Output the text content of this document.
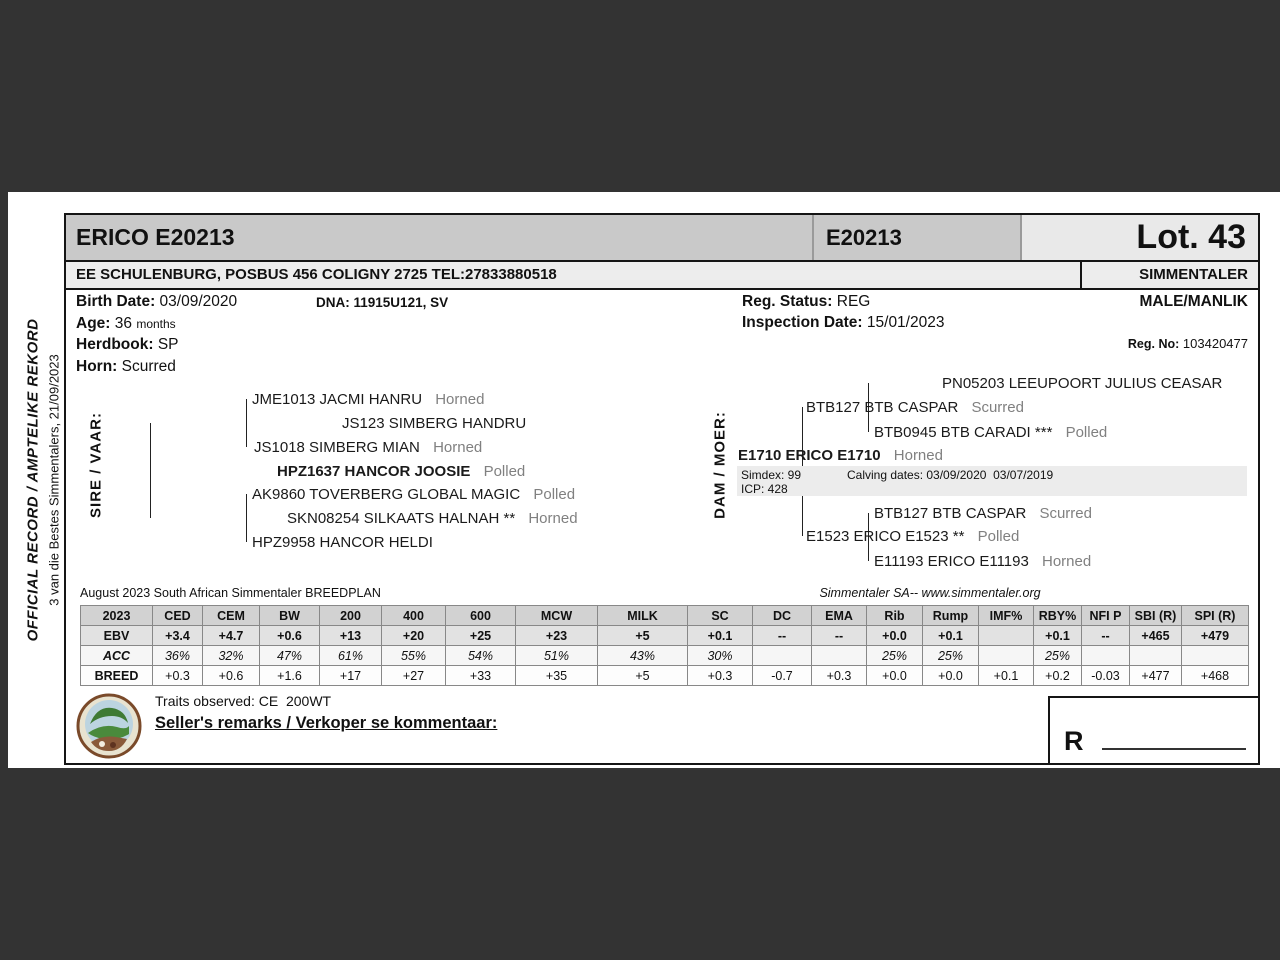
OFFICIAL RECORD / AMPTELIKE REKORD 3 van die Bestes Simmentalers, 21/09/2023
ERICO E20213	E20213	Lot. 43
EE SCHULENBURG, POSBUS 456 COLIGNY 2725 TEL:27833880518	SIMMENTALER
Birth Date: 03/09/2020	DNA: 11915U121, SV
Age: 36 months
Herdbook: SP
Horn: Scurred
Reg. Status: REG
Inspection Date: 15/01/2023
MALE/MANLIK
Reg. No: 103420477
SIRE / VAAR:	DAM / MOER:
JME1013 JACMI HANRU Horned
JS123 SIMBERG HANDRU
JS1018 SIMBERG MIAN Horned
HPZ1637 HANCOR JOOSIE Polled
AK9860 TOVERBERG GLOBAL MAGIC Polled
SKN08254 SILKAATS HALNAH ** Horned
HPZ9958 HANCOR HELDI
PN05203 LEEUPOORT JULIUS CEASAR
BTB127 BTB CASPAR Scurred
BTB0945 BTB CARADI *** Polled
E1710 ERICO E1710 Horned
Simdex: 99	Calving dates: 03/09/2020  03/07/2019
ICP: 428
BTB127 BTB CASPAR Scurred
E1523 ERICO E1523 ** Polled
E11193 ERICO E11193 Horned
August 2023 South African Simmentaler BREEDPLAN	Simmentaler SA-- www.simmentaler.org
2023	CED	CEM	BW	200	400	600	MCW	MILK	SC	DC	EMA	Rib	Rump	IMF%	RBY%	NFI P	SBI (R)	SPI (R)
EBV	+3.4	+4.7	+0.6	+13	+20	+25	+23	+5	+0.1	--	--	+0.0	+0.1		+0.1	--	+465	+479
ACC	36%	32%	47%	61%	55%	54%	51%	43%	30%			25%	25%		25%			
BREED	+0.3	+0.6	+1.6	+17	+27	+33	+35	+5	+0.3	-0.7	+0.3	+0.0	+0.0	+0.1	+0.2	-0.03	+477	+468
Traits observed: CE  200WT
Seller's remarks / Verkoper se kommentaar:
R
